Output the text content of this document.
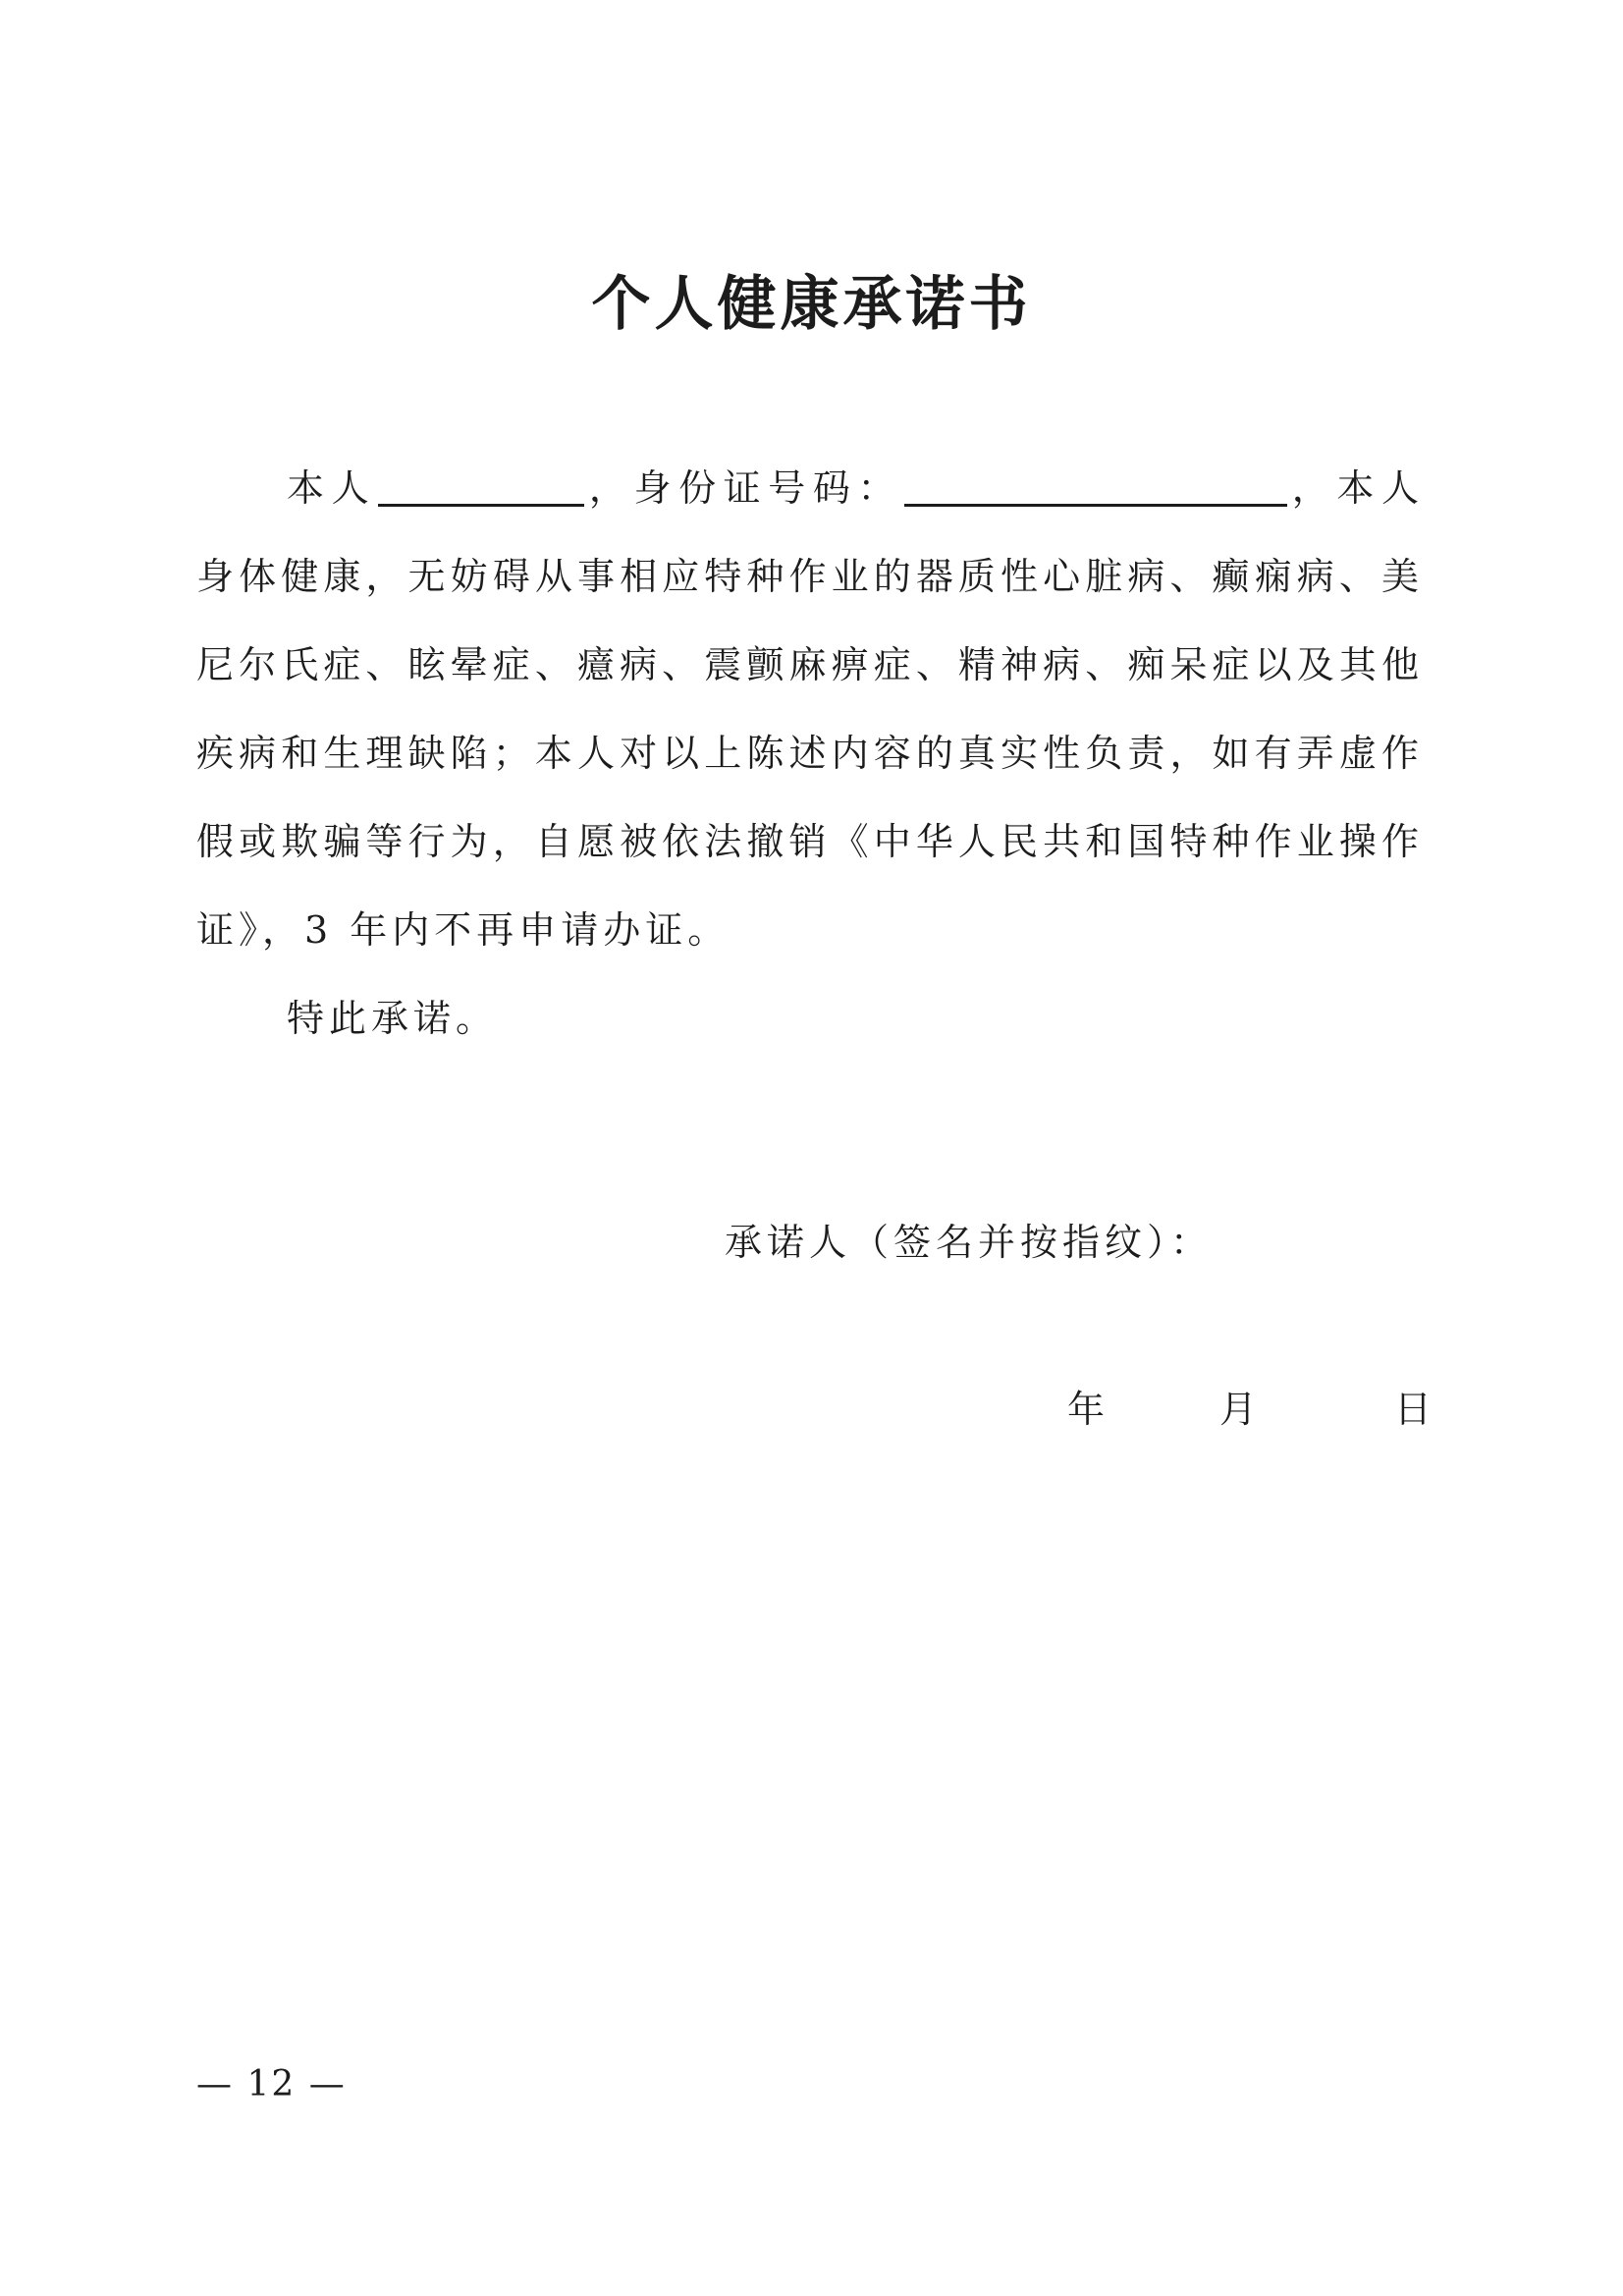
个人健康承诺书

本人	，身份证号码：	，本人身体健康，无妨碍从事相应特种作业的器质性心脏病、癫痫病、美尼尔氏症、眩晕症、癔病、震颤麻痹症、精神病、痴呆症以及其他疾病和生理缺陷；本人对以上陈述内容的真实性负责，如有弄虚作假或欺骗等行为，自愿被依法撤销《中华人民共和国特种作业操作证》，3 年内不再申请办证。

特此承诺。

承诺人（签名并按指纹）：
年	月	日
— 12 —
